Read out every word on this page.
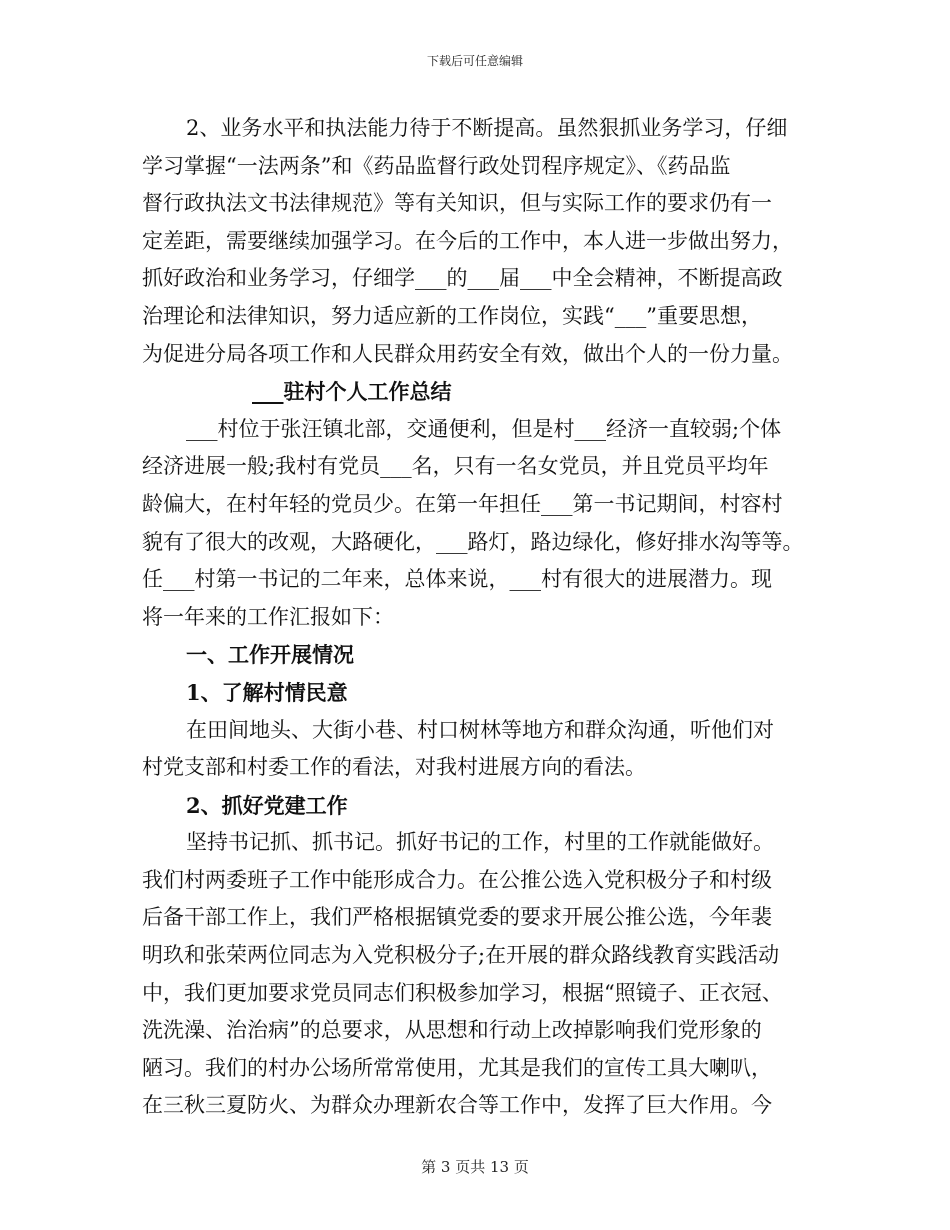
下载后可任意编辑
2、业务水平和执法能力待于不断提高。虽然狠抓业务学习，仔细
学习掌握“一法两条”和《药品监督行政处罚程序规定》、《药品监
督行政执法文书法律规范》等有关知识，但与实际工作的要求仍有一
定差距，需要继续加强学习。在今后的工作中，本人进一步做出努力，
抓好政治和业务学习，仔细学___的___届___中全会精神，不断提高政
治理论和法律知识，努力适应新的工作岗位，实践“___”重要思想，
为促进分局各项工作和人民群众用药安全有效，做出个人的一份力量。
___驻村个人工作总结
___村位于张汪镇北部，交通便利，但是村___经济一直较弱;个体
经济进展一般;我村有党员___名，只有一名女党员，并且党员平均年
龄偏大，在村年轻的党员少。在第一年担任___第一书记期间，村容村
貌有了很大的改观，大路硬化，___路灯，路边绿化，修好排水沟等等。
任___村第一书记的二年来，总体来说，___村有很大的进展潜力。现
将一年来的工作汇报如下：
一、工作开展情况
1、了解村情民意
在田间地头、大街小巷、村口树林等地方和群众沟通，听他们对
村党支部和村委工作的看法，对我村进展方向的看法。
2、抓好党建工作
坚持书记抓、抓书记。抓好书记的工作，村里的工作就能做好。
我们村两委班子工作中能形成合力。在公推公选入党积极分子和村级
后备干部工作上，我们严格根据镇党委的要求开展公推公选，今年裴
明玖和张荣两位同志为入党积极分子;在开展的群众路线教育实践活动
中，我们更加要求党员同志们积极参加学习，根据“照镜子、正衣冠、
洗洗澡、治治病”的总要求，从思想和行动上改掉影响我们党形象的
陋习。我们的村办公场所常常使用，尤其是我们的宣传工具大喇叭，
在三秋三夏防火、为群众办理新农合等工作中，发挥了巨大作用。今
第 3 页共 13 页
